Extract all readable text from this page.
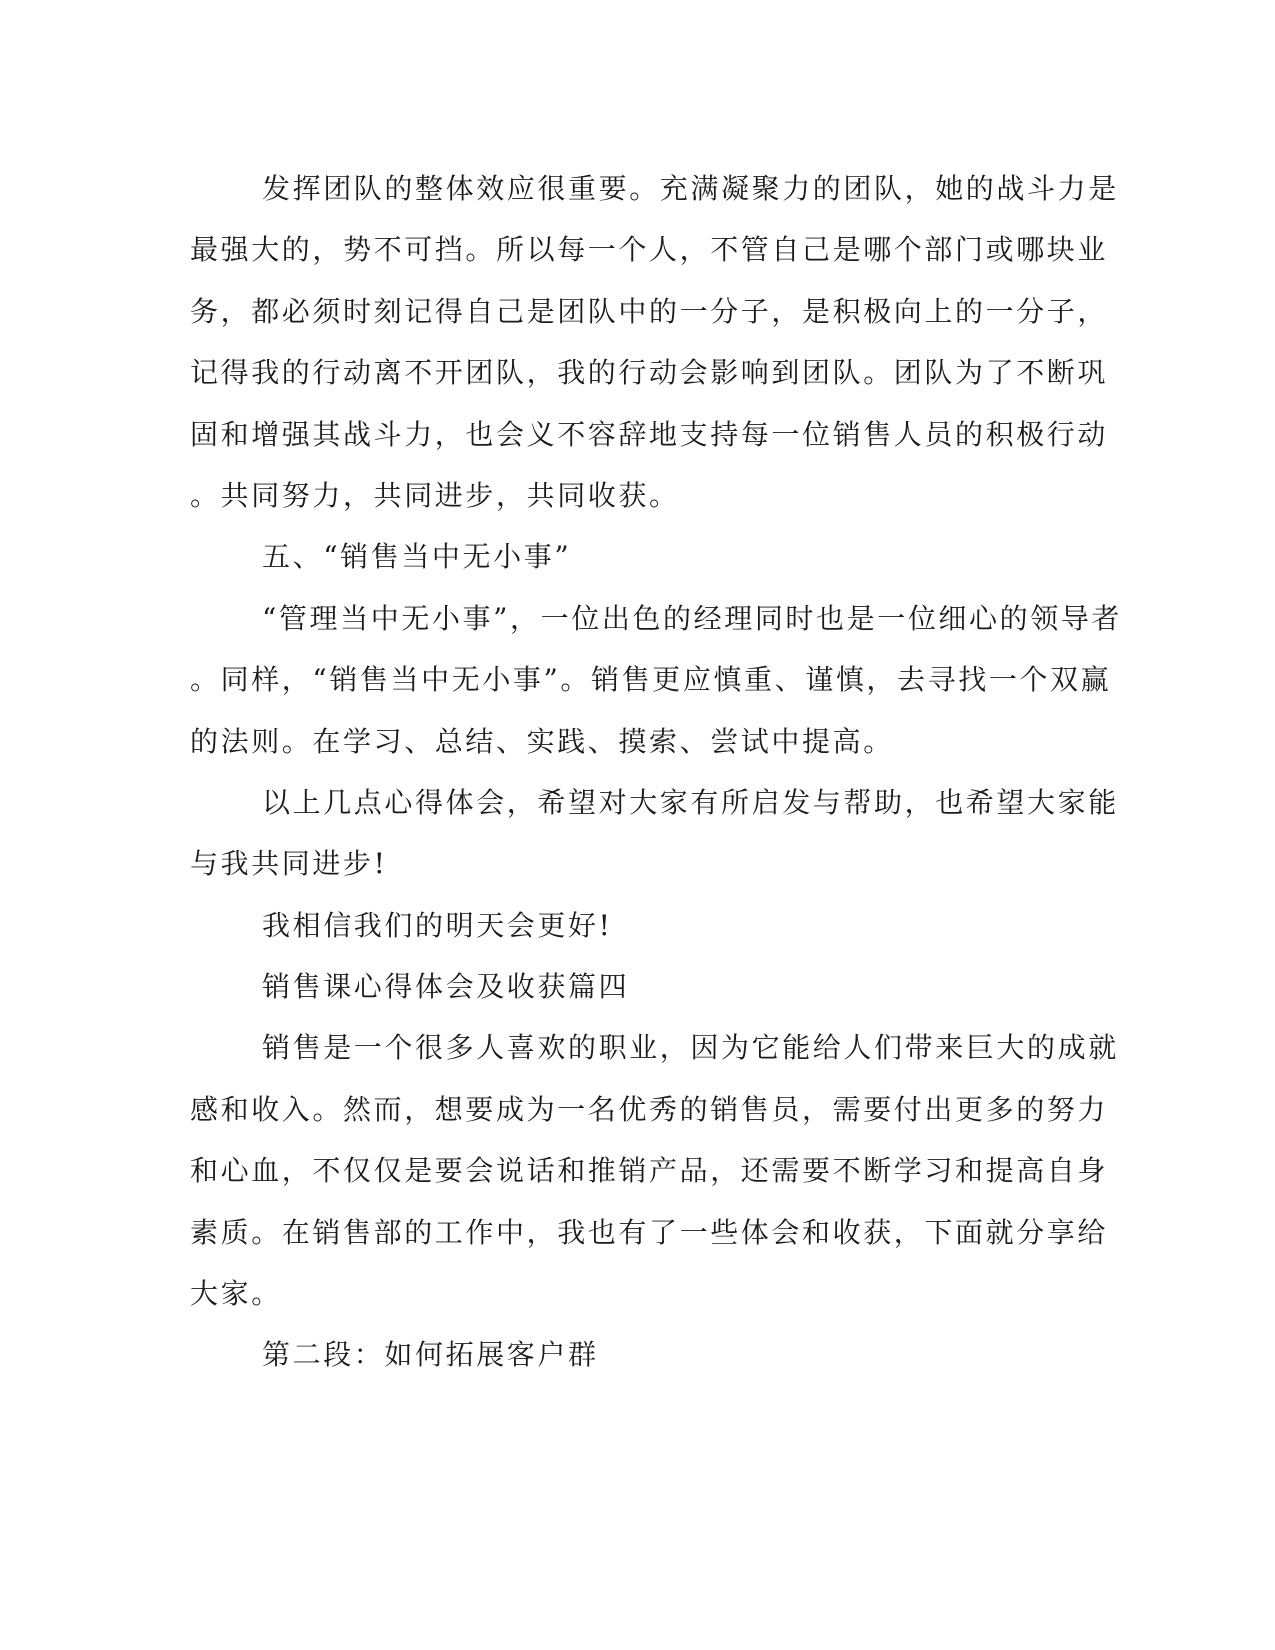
发挥团队的整体效应很重要。充满凝聚力的团队，她的战斗力是
最强大的，势不可挡。所以每一个人，不管自己是哪个部门或哪块业
务，都必须时刻记得自己是团队中的一分子，是积极向上的一分子，
记得我的行动离不开团队，我的行动会影响到团队。团队为了不断巩
固和增强其战斗力，也会义不容辞地支持每一位销售人员的积极行动
。共同努力，共同进步，共同收获。
五、“销售当中无小事”
“管理当中无小事”，一位出色的经理同时也是一位细心的领导者
。同样，“销售当中无小事”。销售更应慎重、谨慎，去寻找一个双赢
的法则。在学习、总结、实践、摸索、尝试中提高。
以上几点心得体会，希望对大家有所启发与帮助，也希望大家能
与我共同进步!
我相信我们的明天会更好!
销售课心得体会及收获篇四
销售是一个很多人喜欢的职业，因为它能给人们带来巨大的成就
感和收入。然而，想要成为一名优秀的销售员，需要付出更多的努力
和心血，不仅仅是要会说话和推销产品，还需要不断学习和提高自身
素质。在销售部的工作中，我也有了一些体会和收获，下面就分享给
大家。
第二段：如何拓展客户群
